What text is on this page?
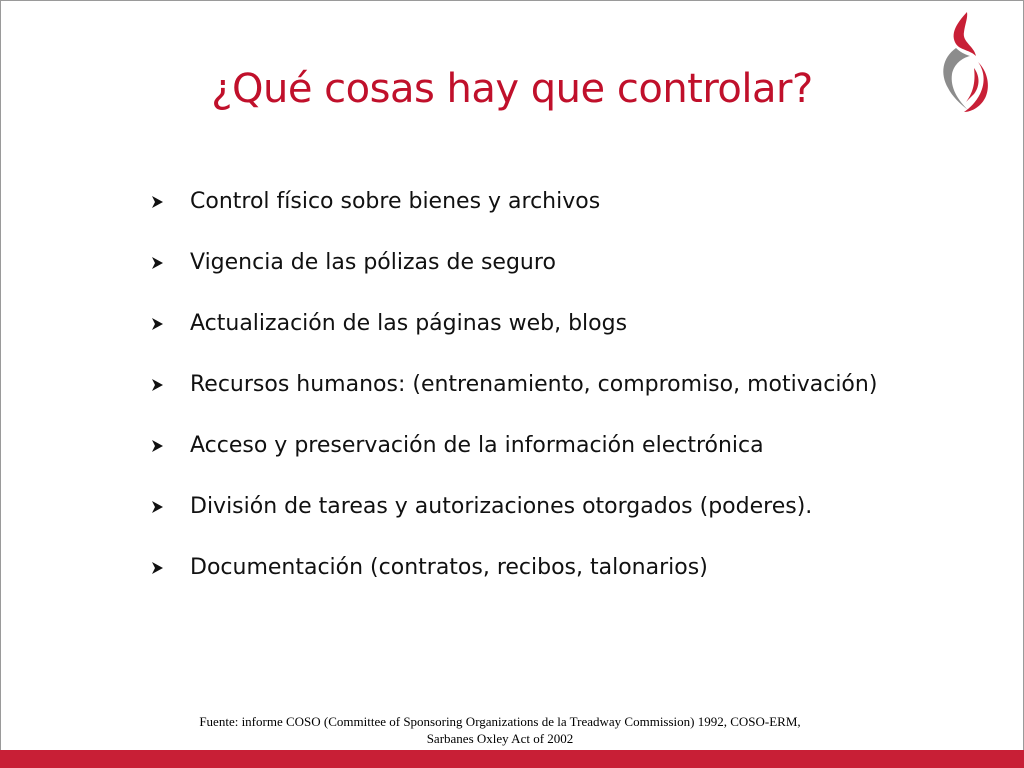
¿Qué cosas hay que controlar?
Control físico sobre bienes y archivos
Vigencia de las pólizas de seguro
Actualización de las páginas web, blogs
Recursos humanos: (entrenamiento, compromiso, motivación)
Acceso y preservación de la información electrónica
División de tareas y autorizaciones otorgados (poderes).
Documentación (contratos, recibos, talonarios)
Fuente: informe COSO (Committee of Sponsoring Organizations de la Treadway Commission) 1992, COSO-ERM,
Sarbanes Oxley Act of 2002
